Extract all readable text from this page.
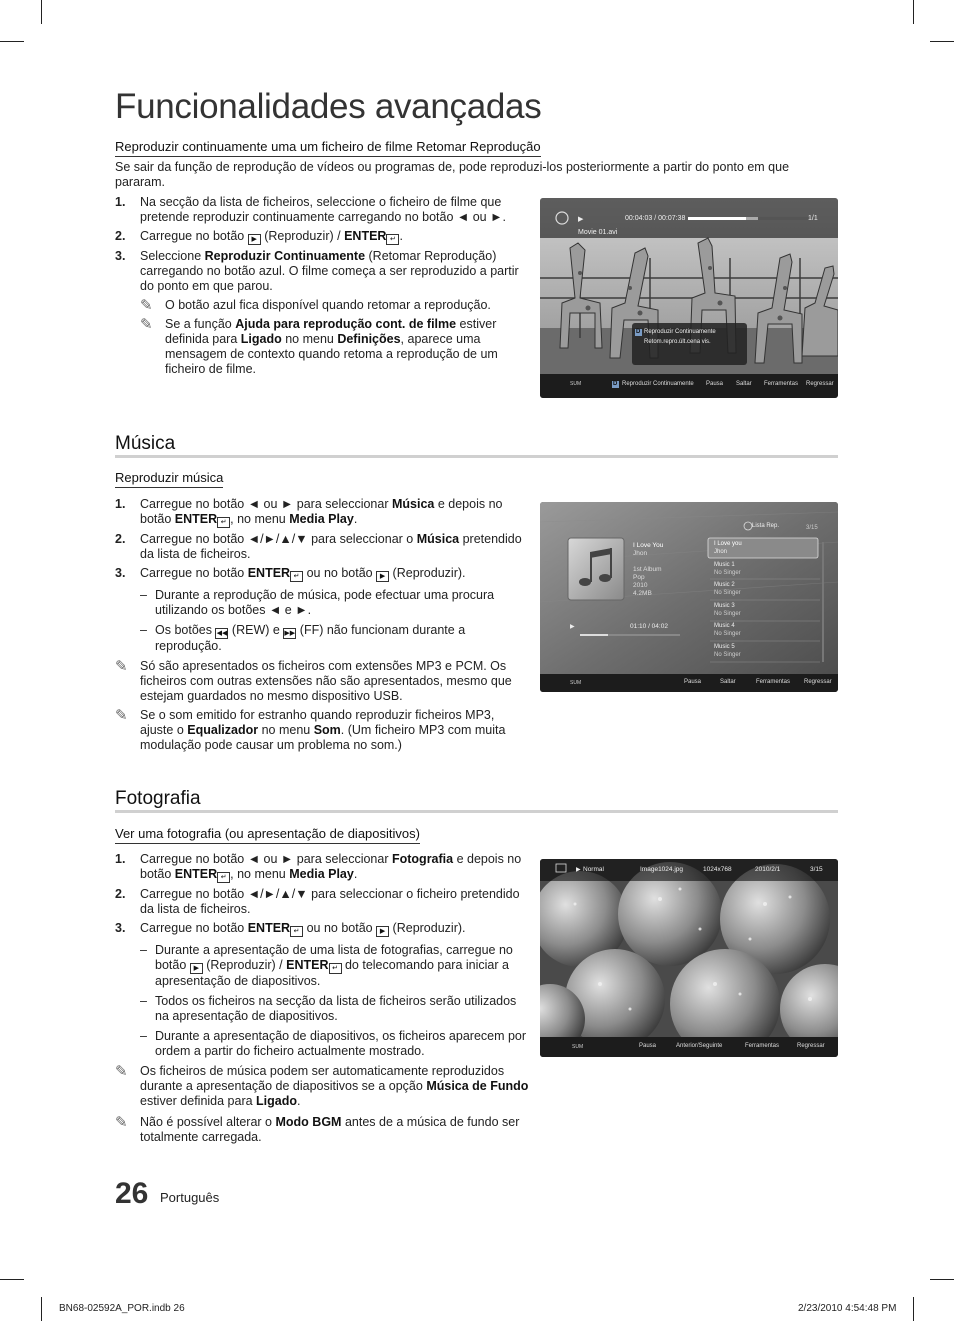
Funcionalidades avançadas
Reproduzir continuamente uma um ficheiro de filme Retomar Reprodução
Se sair da função de reprodução de vídeos ou programas de, pode reproduzi-los posteriormente a partir do ponto em que pararam.
1. Na secção da lista de ficheiros, seleccione o ficheiro de filme que pretende reproduzir continuamente carregando no botão ◄ ou ►.
2. Carregue no botão ▶ (Reproduzir) / ENTER ↵ .
3. Seleccione Reproduzir Continuamente (Retomar Reprodução) carregando no botão azul. O filme começa a ser reproduzido a partir do ponto em que parou.
✎ O botão azul fica disponível quando retomar a reprodução.
✎ Se a função Ajuda para reprodução cont. de filme estiver definida para Ligado no menu Definições, aparece uma mensagem de contexto quando retoma a reprodução de um ficheiro de filme.
▶	00:04:03 / 00:07:38	1/1
Movie 01.avi
D Reproduzir Continuamente
Retom.repro.últ.cena vis.
SUM	D Reproduzir Continuamente Pausa Saltar Ferramentas Regressar
Música
Reproduzir música
1. Carregue no botão ◄ ou ► para seleccionar Música e depois no botão ENTER ↵ , no menu Media Play.
2. Carregue no botão ◄/►/▲/▼ para seleccionar o Música pretendido da lista de ficheiros.
3. Carregue no botão ENTER ↵ ou no botão ▶ (Reproduzir).
– Durante a reprodução de música, pode efectuar uma procura utilizando os botões ◄ e ►.
– Os botões ◀◀ (REW) e ▶▶ (FF) não funcionam durante a reprodução.
✎ Só são apresentados os ficheiros com extensões MP3 e PCM. Os ficheiros com outras extensões não são apresentados, mesmo que estejam guardados no mesmo dispositivo USB.
✎ Se o som emitido for estranho quando reproduzir ficheiros MP3, ajuste o Equalizador no menu Som. (Um ficheiro MP3 com muita modulação pode causar um problema no som.)
Lista Rep.	3/15
I Love You
Jhon
1st Album
Pop
2010
4.2MB
▶	01:10 / 04:02
I Love you
Jhon
Music 1
No Singer
Music 2
No Singer
Music 3
No Singer
Music 4
No Singer
Music 5
No Singer
SUM	Pausa	Saltar	Ferramentas Regressar
Fotografia
Ver uma fotografia (ou apresentação de diapositivos)
1. Carregue no botão ◄ ou ► para seleccionar Fotografia e depois no botão ENTER ↵ , no menu Media Play.
2. Carregue no botão ◄/►/▲/▼ para seleccionar o ficheiro pretendido da lista de ficheiros.
3. Carregue no botão ENTER ↵ ou no botão ▶ (Reproduzir).
– Durante a apresentação de uma lista de fotografias, carregue no botão ▶ (Reproduzir) / ENTER ↵ do telecomando para iniciar a apresentação de diapositivos.
– Todos os ficheiros na secção da lista de ficheiros serão utilizados na apresentação de diapositivos.
– Durante a apresentação de diapositivos, os ficheiros aparecem por ordem a partir do ficheiro actualmente mostrado.
✎ Os ficheiros de música podem ser automaticamente reproduzidos durante a apresentação de diapositivos se a opção Música de Fundo estiver definida para Ligado.
✎ Não é possível alterar o Modo BGM antes de a música de fundo ser totalmente carregada.
▶ Normal	Image1024.jpg	1024x768	2010/2/1	3/15
SUM	Pausa	Anterior/Seguinte	Ferramentas	Regressar
26 Português
BN68-02592A_POR.indb 26	2/23/2010 4:54:48 PM
